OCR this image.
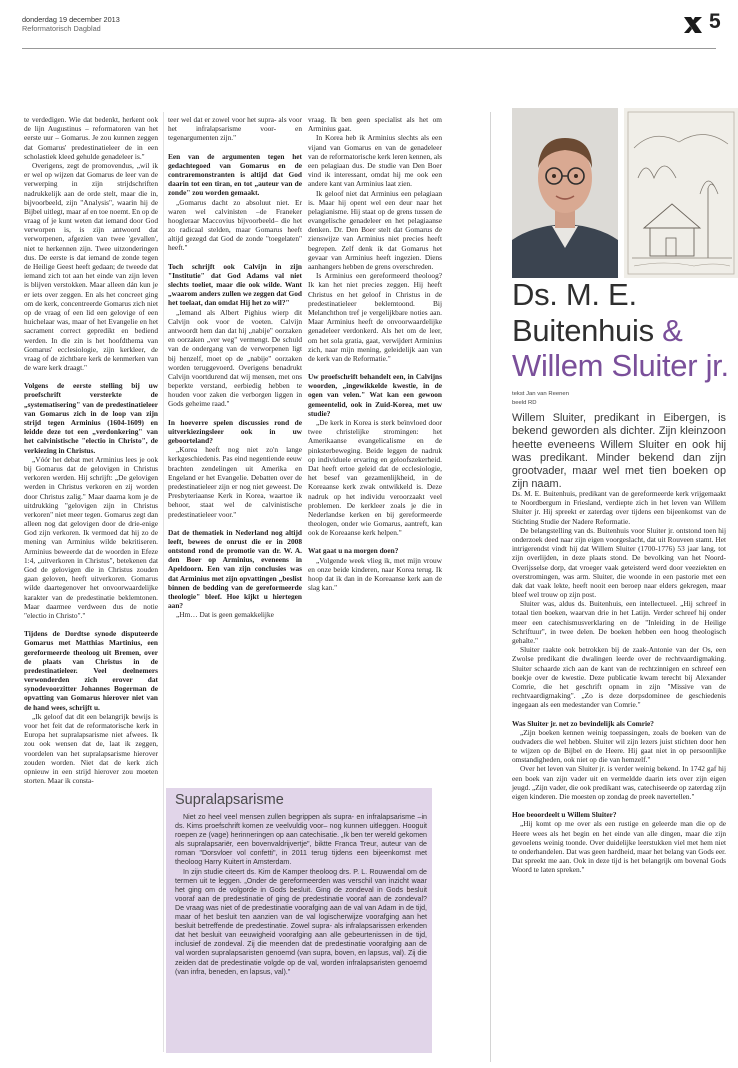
donderdag 19 december 2013
Reformatorisch Dagblad	5

te verdedigen. Wie dat bedenkt, herkent ook de lijn Augustinus – reformatoren van het eerste uur – Gomarus. Je zou kunnen zeggen dat Gomarus' predestinatieleer de in een scholastiek kleed gehulde genadeleer is."

Overigens, zegt de promovendus, „wil ik er wel op wijzen dat Gomarus de leer van de verwerping in zijn strijdschriften nadrukkelijk aan de orde stelt, maar die in, bijvoorbeeld, zijn "Analysis", waarin hij de Bijbel uitlegt, maar af en toe noemt. En op de vraag of je kunt weten dat iemand door God verworpen is, is zijn antwoord dat verworpenen, afgezien van twee 'gevallen', niet te herkennen zijn. Twee uitzonderingen dus. De eerste is dat iemand de zonde tegen de Heilige Geest heeft gedaan; de tweede dat iemand zich tot aan het einde van zijn leven is blijven verstokken. Maar alleen dán kun je er iets over zeggen. En als het concreet ging om de kerk, concentreerde Gomarus zich niet op de vraag of een lid een gelovige of een huichelaar was, maar of het Evangelie en het sacrament correct gepredikt en bediend werden. In die zin is het hoofdthema van Gomarus' ecclesiologie, zijn kerkleer, de vraag of de zichtbare kerk de kenmerken van de ware kerk draagt."

Volgens de eerste stelling bij uw proefschrift versterkte de „systematisering" van de predestinatieleer van Gomarus zich in de loop van zijn strijd tegen Arminius (1604-1609) en leidde deze tot een „verdonkering" van het calvinistische "electio in Christo", de verkiezing in Christus.

„Vóór het debat met Arminius lees je ook bij Gomarus dat de gelovigen in Christus verkoren werden. Hij schrijft: „De gelovigen werden in Christus verkoren en zij worden door Christus zalig." Maar daarna kom je de uitdrukking "gelovigen zijn in Christus verkoren" niet meer tegen. Gomarus zegt dan alleen nog dat gelovigen door de drie-enige God zijn verkoren. Ik vermoed dat hij zo de mening van Arminius wilde bekritiseren. Arminius beweerde dat de woorden in Efeze 1:4, „uitverkoren in Christus", betekenen dat God de gelovigen die in Christus zouden gaan geloven, heeft uitverkoren. Gomarus wilde daartegenover het onvoorwaardelijke karakter van de predestinatie beklemtonen. Maar daarmee verdween dus de notie "electio in Christo"."

Tijdens de Dordtse synode disputeerde Gomarus met Matthias Martinius, een gereformeerde theoloog uit Bremen, over de plaats van Christus in de predestinatieleer. Veel deelnemers verwonderden zich erover dat synodevoorzitter Johannes Bogerman de opvatting van Gomarus hierover niet van de hand wees, schrijft u.

„Ik geloof dat dit een belangrijk bewijs is voor het feit dat de reformatorische kerk in Europa het supralapsarisme niet afwees. Ik zou ook wensen dat de, laat ik zeggen, voordelen van het supralapsarisme hierover zouden worden. Niet dat de kerk zich opnieuw in een strijd hierover zou moeten storten. Maar ik consta-

teer wel dat er zowel voor het supra- als voor het infralapsarisme voor- en tegenargumenten zijn."

Een van de argumenten tegen het gedachtegoed van Gomarus en de contraremonstranten is altijd dat God daarin tot een tiran, en tot „auteur van de zonde" zou worden gemaakt.

„Gomarus dacht zo absoluut niet. Er waren wel calvinisten –de Franeker hoogleraar Maccovius bijvoorbeeld– die het zo radicaal stelden, maar Gomarus heeft altijd gezegd dat God de zonde "toegelaten" heeft."

Toch schrijft ook Calvijn in zijn "Institutie" dat God Adams val niet slechts toeliet, maar die ook wilde. Want „waarom anders zullen we zeggen dat God het toelaat, dan omdat Hij het zo wil?"

„Iemand als Albert Pighius wierp dit Calvijn ook voor de voeten. Calvijn antwoordt hem dan dat hij „nabije" oorzaken en oorzaken „ver weg" vermengt. De schuld van de ondergang van de verworpenen ligt bij henzelf, moet op de „nabije" oorzaken worden teruggevoerd. Overigens benadrukt Calvijn voortdurend dat wij mensen, met ons beperkte verstand, eerbiedig hebben te houden voor zaken die verborgen liggen in Gods geheime raad."

In hoeverre spelen discussies rond de uitverkiezingsleer ook in uw geboorteland?

„Korea heeft nog niet zo'n lange kerkgeschiedenis. Pas eind negentiende eeuw brachten zendelingen uit Amerika en Engeland er het Evangelie. Debatten over de predestinatieleer zijn er nog niet geweest. De Presbyteriaanse Kerk in Korea, waartoe ik behoor, staat wel de calvinistische predestinatieleer voor."

Dat de thematiek in Nederland nog altijd leeft, bewees de onrust die er in 2008 ontstond rond de promotie van dr. W. A. den Boer op Arminius, eveneens in Apeldoorn. Een van zijn conclusies was dat Arminius met zijn opvattingen „beslist binnen de bedding van de gereformeerde theologie" bleef. Hoe kijkt u hiertegen aan?

„Hm… Dat is geen gemakkelijke

vraag. Ik ben geen specialist als het om Arminius gaat.

In Korea heb ik Arminius slechts als een vijand van Gomarus en van de genadeleer van de reformatorische kerk leren kennen, als een pelagiaan dus. De studie van Den Boer vind ik interessant, omdat hij me ook een andere kant van Arminius laat zien.

Ik geloof niet dat Arminius een pelagiaan is. Maar hij opent wel een deur naar het pelagianisme. Hij staat op de grens tussen de evangelische genadeleer en het pelagiaanse denken. Dr. Den Boer stelt dat Gomarus de zienswijze van Arminius niet precies heeft begrepen. Zelf denk ik dat Gomarus het gevaar van Arminius heeft ingezien. Diens aanhangers hebben de grens overschreden.

Is Arminius een gereformeerd theoloog? Ik kan het niet precies zeggen. Hij heeft Christus en het geloof in Christus in de predestinatieleer beklemtoond. Bij Melanchthon tref je vergelijkbare noties aan. Maar Arminius heeft de onvoorwaardelijke genadeleer verdonkerd. Als het om de leer, om het sola gratia, gaat, verwijdert Arminius zich, naar mijn mening, geleidelijk aan van de kerk van de Reformatie."

Uw proefschrift behandelt een, in Calvijns woorden, „ingewikkelde kwestie, in de ogen van velen." Wat kan een gewoon gemeentelid, ook in Zuid-Korea, met uw studie?

„De kerk in Korea is sterk beïnvloed door twee christelijke stromingen: het Amerikaanse evangelicalisme en de pinksterbeweging. Beide leggen de nadruk op individuele ervaring en geloofszekerheid. Dat heeft ertoe geleid dat de ecclesiologie, het besef van gezamenlijkheid, in de Koreaanse kerk zwak ontwikkeld is. Deze nadruk op het individu veroorzaakt veel problemen. De kerkleer zoals je die in Nederlandse kerken en bij gereformeerde theologen, onder wie Gomarus, aantreft, kan ook de Koreaanse kerk helpen."

Wat gaat u na morgen doen?

„Volgende week vlieg ik, met mijn vrouw en onze beide kinderen, naar Korea terug. Ik hoop dat ik dan in de Koreaanse kerk aan de slag kan."

Supralapsarisme

Niet zo heel veel mensen zullen begrippen als supra- en infralapsarisme –in ds. Kims proefschrift komen ze veelvuldig voor– nog kunnen uitleggen. Hooguit roepen ze (vage) herinneringen op aan catechisatie. „Ik ben ter wereld gekomen als supralapsariër, een bovenvaldrijvertje", biktte Franca Treur, auteur van de roman "Dorsvloer vol confetti", in 2011 terug tijdens een bijeenkomst met theoloog Harry Kuitert in Amsterdam.

In zijn studie citeert ds. Kim de Kamper theoloog drs. P. L. Rouwendal om de termen uit te leggen. „Onder de gereformeerden was verschil van inzicht waar het ging om de volgorde in Gods besluit. Ging de zondeval in Gods besluit vooraf aan de predestinatie of ging de predestinatie vooraf aan de zondeval? De vraag was niet of de predestinatie voorafging aan de val van Adam in de tijd, maar of het besluit ten aanzien van de val logischerwijze voorafging aan het besluit betreffende de predestinatie. Zowel supra- als infralapsarissen erkenden dat het besluit van eeuwigheid voorafging aan alle gebeurtenissen in de tijd, inclusief de zondeval. Zij die meenden dat de predestinatie voorafging aan de val worden supralapsaristen genoemd (van supra, boven, en lapsus, val). Zij die zeiden dat de predestinatie volgde op de val, worden infralapsaristen genoemd (van infra, beneden, en lapsus, val)."

Ds. M. E.
Buitenhuis &
Willem Sluiter jr.
tekst Jan van Reenen
beeld RD
Willem Sluiter, predikant in Eibergen, is bekend geworden als dichter. Zijn kleinzoon heette eveneens Willem Sluiter en ook hij was predikant. Minder bekend dan zijn grootvader, maar wel met tien boeken op zijn naam.

Ds. M. E. Buitenhuis, predikant van de gereformeerde kerk vrijgemaakt te Noordbergum in Friesland, verdiepte zich in het leven van Willem Sluiter jr. Hij spreekt er zaterdag over tijdens een bijeenkomst van de Stichting Studie der Nadere Reformatie.

De belangstelling van ds. Buitenhuis voor Sluiter jr. ontstond toen hij onderzoek deed naar zijn eigen voorgeslacht, dat uit Rouveen stamt. Het intrigerendst vindt hij dat Willem Sluiter (1700-1776) 53 jaar lang, tot zijn overlijden, in deze plaats stond. De bevolking van het Noord-Overijsselse dorp, dat vroeger vaak geteisterd werd door veeziekten en overstromingen, was arm. Sluiter, die woonde in een pastorie met een dak dat vaak lekte, heeft nooit een beroep naar elders gekregen, maar bleef wel trouw op zijn post.

Sluiter was, aldus ds. Buitenhuis, een intellectueel. „Hij schreef in totaal tien boeken, waarvan drie in het Latijn. Verder schreef hij onder meer een catechismusverklaring en de "Inleiding in de Heilige Schriftuur", in twee delen. De boeken hebben een hoog theologisch gehalte."

Sluiter raakte ook betrokken bij de zaak-Antonie van der Os, een Zwolse predikant die dwalingen leerde over de rechtvaardigmaking. Sluiter schaarde zich aan de kant van de rechtzinnigen en schreef een boekje over de kwestie. Deze publicatie kwam terecht bij Alexander Comrie, die het geschrift opnam in zijn "Missive van de rechtvaardigmaking". „Zo is deze dorpsdominee de geschiedenis ingegaan als een medestander van Comrie."

Was Sluiter jr. net zo bevindelijk als Comrie?

„Zijn boeken kennen weinig toepassingen, zoals de boeken van de oudvaders die wel hebben. Sluiter wil zijn lezers juist stichten door hen te wijzen op de Bijbel en de Heere. Hij gaat niet in op persoonlijke omstandigheden, ook niet op die van hemzelf."

Over het leven van Sluiter jr. is verder weinig bekend. In 1742 gaf hij een boek van zijn vader uit en vermeldde daarin iets over zijn eigen jeugd. „Zijn vader, die ook predikant was, catechiseerde op zaterdag zijn eigen kinderen. Die moesten op zondag de preek navertellen."

Hoe beoordeelt u Willem Sluiter?

„Hij komt op me over als een rustige en geleerde man die op de Heere wees als het begin en het einde van alle dingen, maar die zijn gevoelens weinig toonde. Over duidelijke leerstukken viel met hem niet te onderhandelen. Dat was geen hardheid, maar het belang van Gods eer. Dat spreekt me aan. Ook in deze tijd is het belangrijk om bovenal Gods Woord te laten spreken."
